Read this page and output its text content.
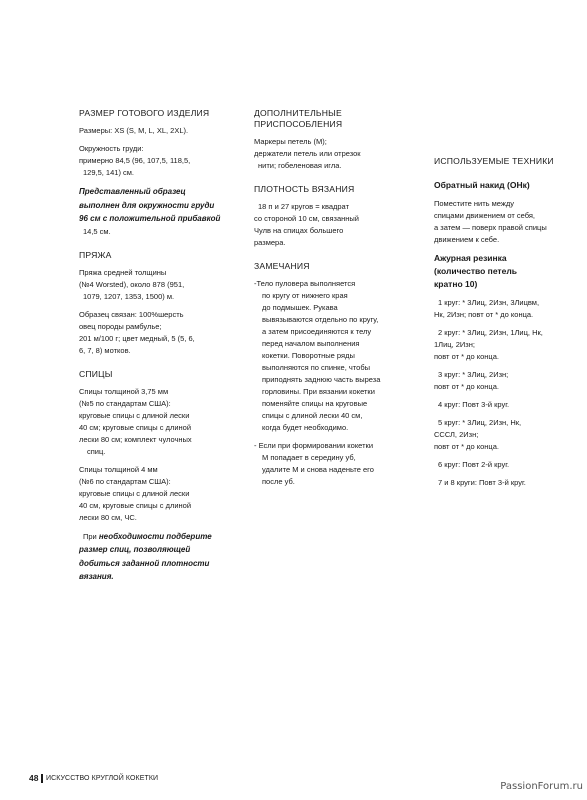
РАЗМЕР ГОТОВОГО ИЗДЕЛИЯ
Размеры: XS (S, M, L, XL, 2XL).
Окружность груди:
примерно 84,5 (96, 107,5, 118,5,
129,5, 141) см.
Представленный образец
выполнен для окружности груди
96 см с положительной прибавкой
14,5 см.
ПРЯЖА
Пряжа средней толщины
(№4 Worsted), около 878 (951,
1079, 1207, 1353, 1500) м.
Образец связан: 100%шерсть
овец породы рамбулье;
201 м/100 г; цвет медный, 5 (5, 6,
6, 7, 8) мотков.
СПИЦЫ
Спицы толщиной 3,75 мм
(№5 по стандартам США):
круговые спицы с длиной лески
40 см; круговые спицы с длиной
лески 80 см; комплект чулочных
спиц.
Спицы толщиной 4 мм
(№6 по стандартам США):
круговые спицы с длиной лески
40 см, круговые спицы с длиной
лески 80 см, ЧС.
При необходимости подберите
размер спиц, позволяющей
добиться заданной плотности
вязания.
ДОПОЛНИТЕЛЬНЫЕ
ПРИСПОСОБЛЕНИЯ
Маркеры петель (М);
держатели петель или отрезок
нити; гобеленовая игла.
ПЛОТНОСТЬ ВЯЗАНИЯ
18 п и 27 кругов = квадрат
со стороной 10 см, связанный
Чулв на спицах большего
размера.
ЗАМЕЧАНИЯ
-Тело пуловера выполняется
по кругу от нижнего края
до подмышек. Рукава
вывязываются отдельно по кругу,
а затем присоединяются к телу
перед началом выполнения
кокетки. Поворотные ряды
выполняются по спинке, чтобы
приподнять заднюю часть выреза
горловины. При вязании кокетки
поменяйте спицы на круговые
спицы с длиной лески 40 см,
когда будет необходимо.
- Если при формировании кокетки
М попадает в середину уб,
удалите М и снова наденьте его
после уб.
ИСПОЛЬЗУЕМЫЕ ТЕХНИКИ
Обратный накид (ОНк)
Поместите нить между
спицами движением от себя,
а затем — поверх правой спицы
движением к себе.
Ажурная резинка
(количество петель
кратно 10)
1 круг: * 3Лиц, 2Изн, 3Лицвм,
Нк, 2Изн; повт от * до конца.
2 круг: * 3Лиц, 2Изн, 1Лиц, Нк,
1Лиц, 2Изн;
повт от * до конца.
3 круг: * 3Лиц, 2Изн;
повт от * до конца.
4 круг: Повт 3-й круг.
5 круг: * 3Лиц, 2Изн, Нк,
СССЛ, 2Изн;
повт от * до конца.
6 круг: Повт 2-й круг.
7 и 8 круги: Повт 3-й круг.
48 ИСКУССТВО КРУГЛОЙ КОКЕТКИ
PassionForum.ru
